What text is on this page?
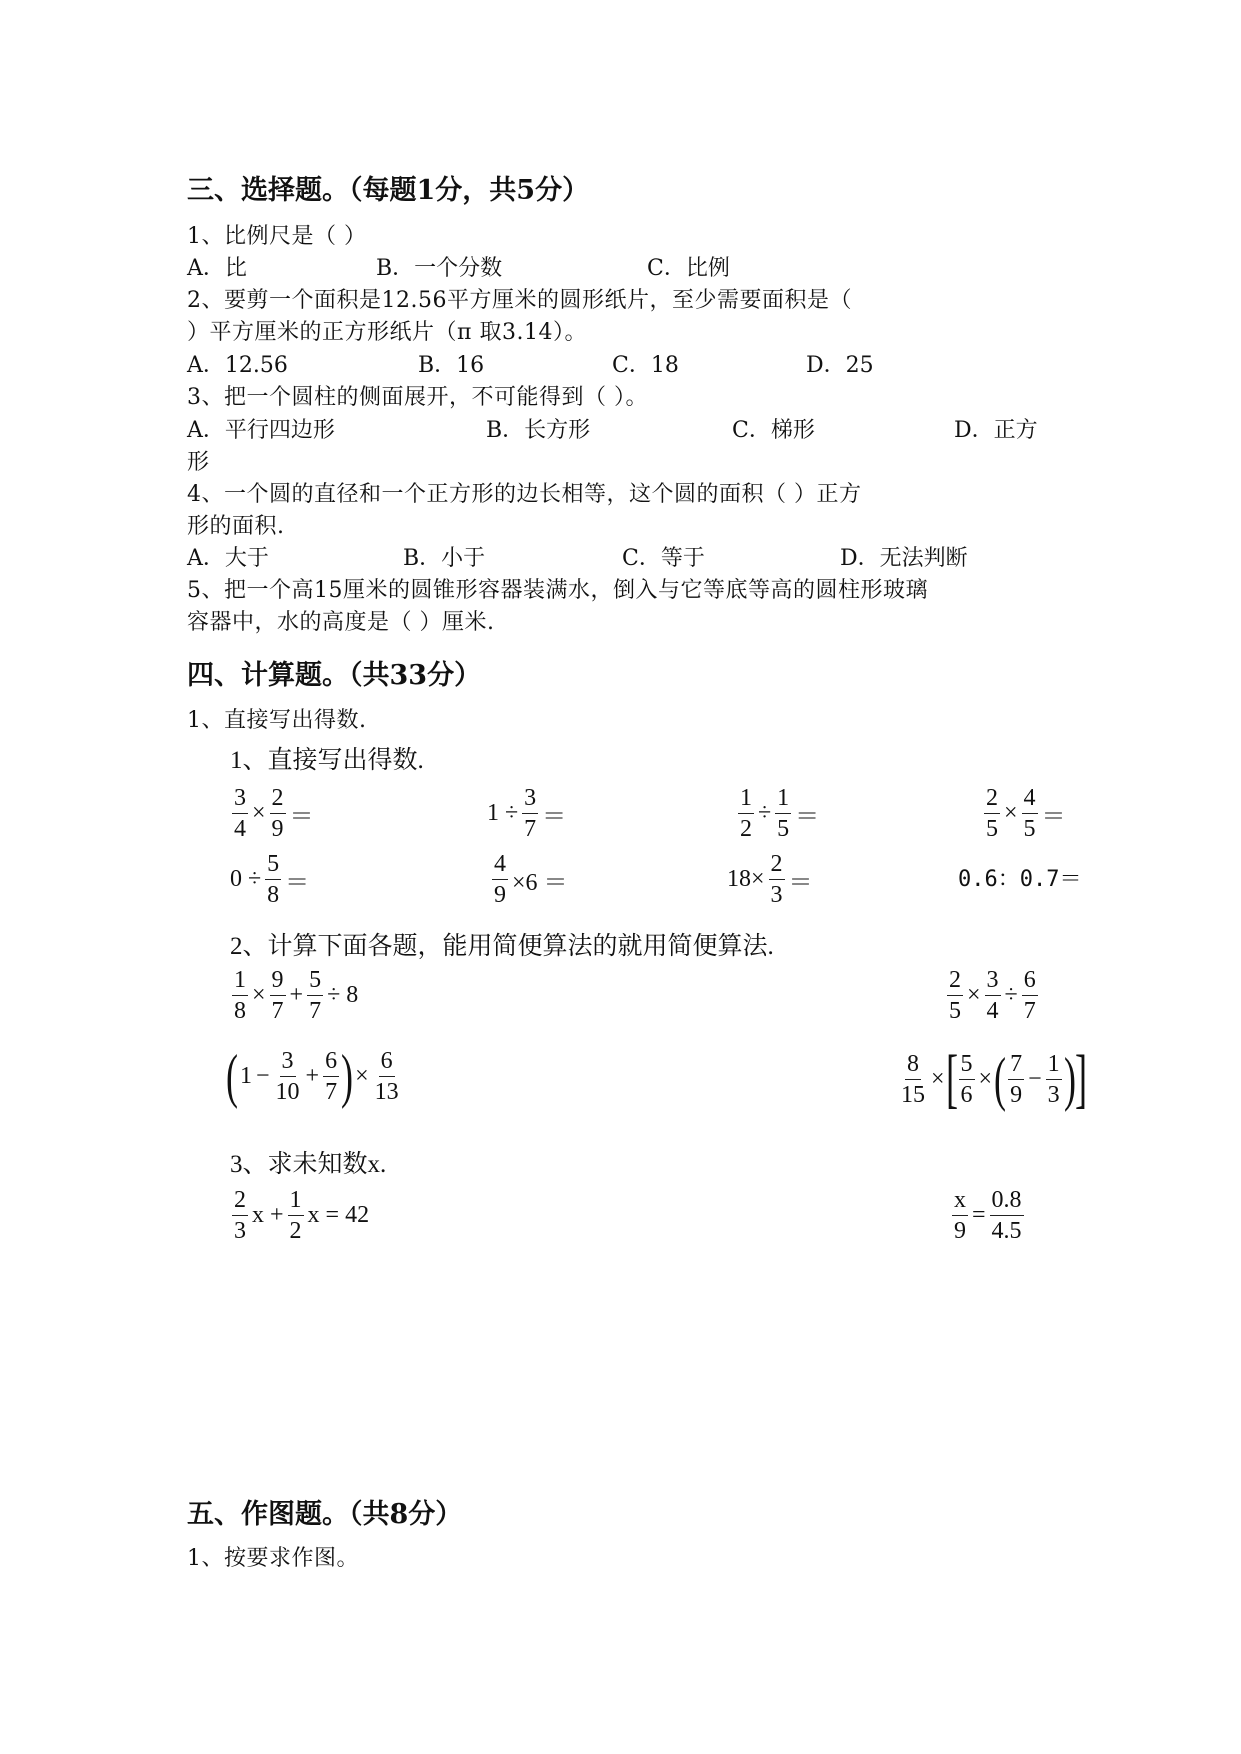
三、选择题。（每题1分，共5分）
1、比例尺是（ ）
A．比	B．一个分数	C．比例
2、要剪一个面积是12.56平方厘米的圆形纸片，至少需要面积是（
）平方厘米的正方形纸片（π 取3.14）。
A．12.56	B．16	C．18	D．25
3、把一个圆柱的侧面展开，不可能得到（ ）。
A．平行四边形	B．长方形	C．梯形	D．正方
形
4、一个圆的直径和一个正方形的边长相等，这个圆的面积（ ）正方
形的面积.
A．大于	B．小于	C．等于	D．无法判断
5、把一个高15厘米的圆锥形容器装满水，倒入与它等底等高的圆柱形玻璃
容器中，水的高度是（ ）厘米.
四、计算题。（共33分）
1、直接写出得数.
1、直接写出得数.
$\frac{3}{4} \times \frac{2}{9}$ ＝	$1 \div \frac{3}{7}$ ＝	$\frac{1}{2} \div \frac{1}{5}$ ＝	$\frac{2}{5} \times \frac{4}{5}$ ＝
$0 \div \frac{5}{8}$ ＝	$\frac{4}{9} \times 6$ ＝	$18\times \frac{2}{3}$ ＝	0.6：0.7＝
2、计算下面各题，能用简便算法的就用简便算法.
$\frac{1}{8} \times \frac{9}{7} + \frac{5}{7} \div 8$	$\frac{2}{5} \times \frac{3}{4} \div \frac{6}{7}$
( $1 - \frac{3}{10} + \frac{6}{7}$ ) × $\frac{6}{13}$	$\frac{8}{15}$ × [ $\frac{5}{6}$ × ( $\frac{7}{9} - \frac{1}{3}$ )
]
3、求未知数x.
$\frac{2}{3}$ $x + \frac{1}{2}$ x = 42	$\frac{x}{9} = \frac{0.8}{4.5}$
五、作图题。（共8分）
1、按要求作图。
